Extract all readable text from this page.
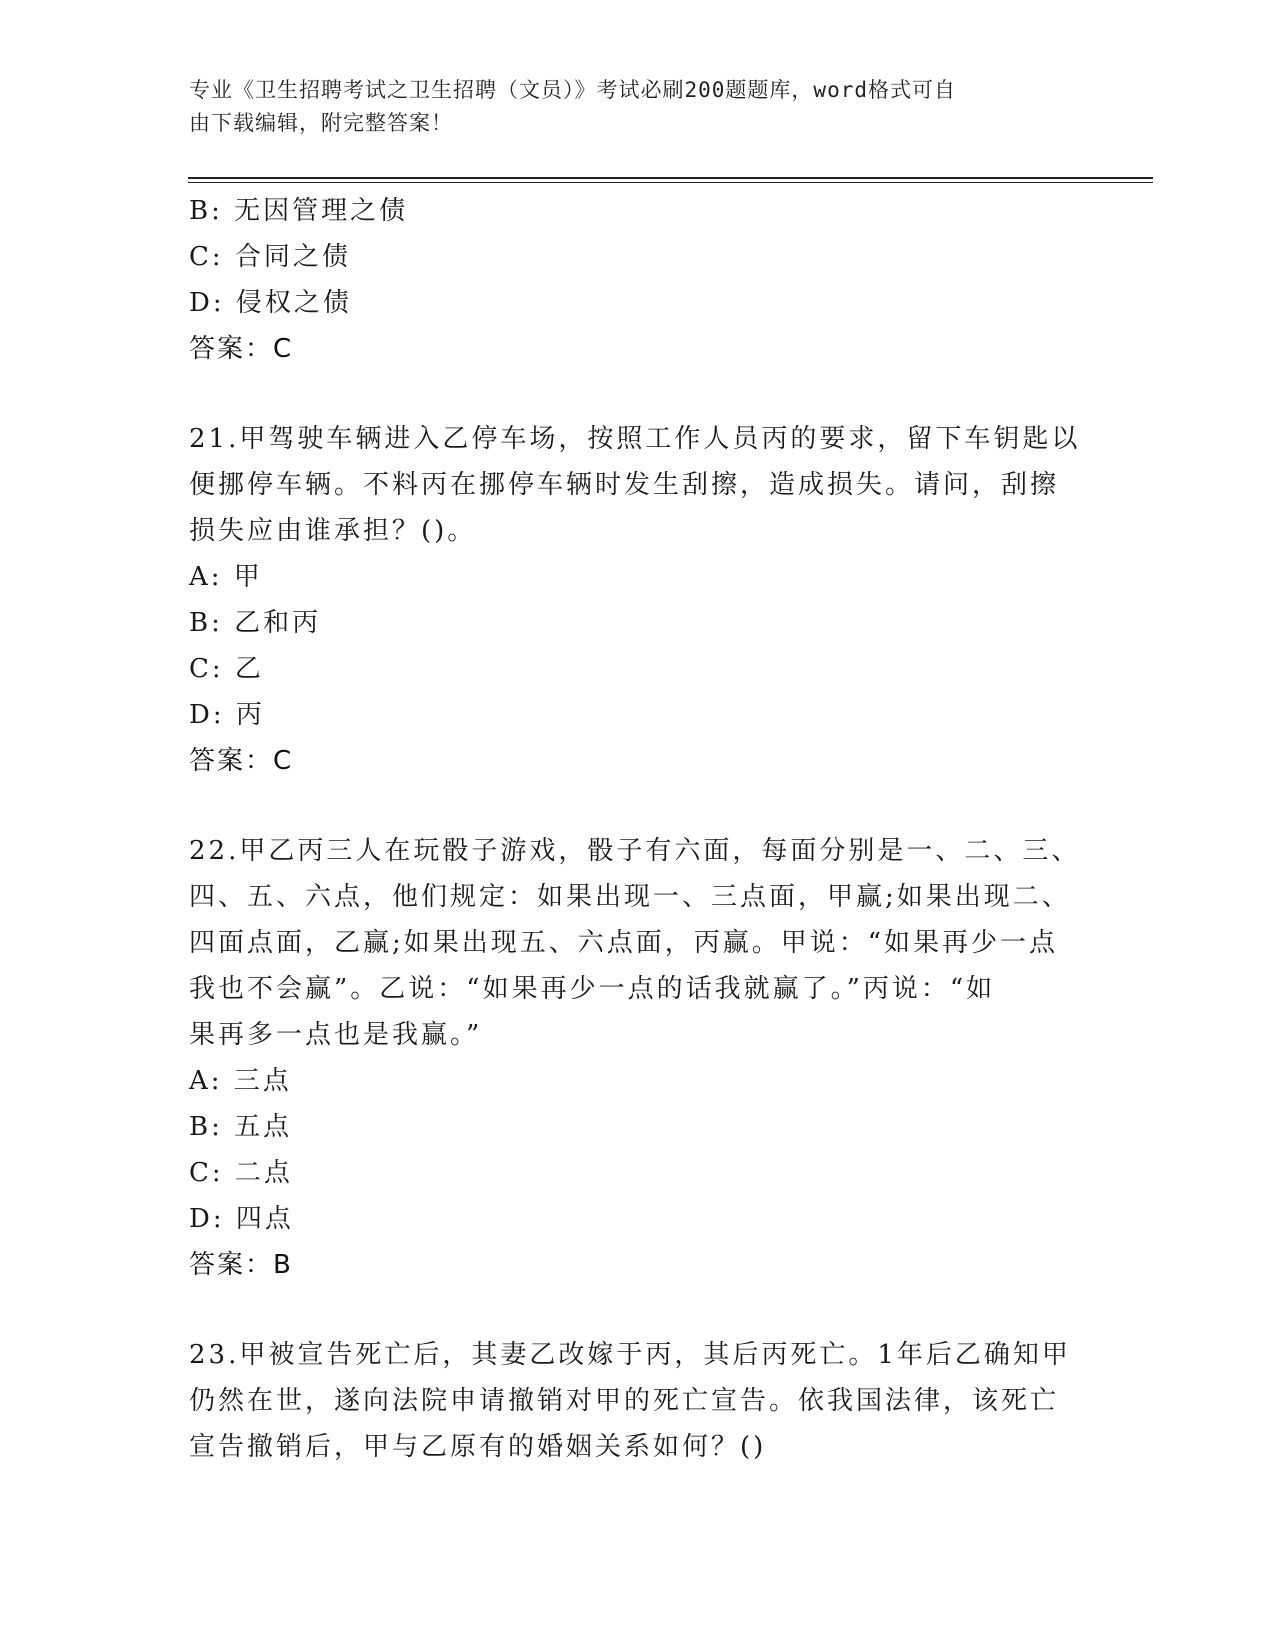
专业《卫生招聘考试之卫生招聘（文员）》考试必刷200题题库，word格式可自
由下载编辑，附完整答案！
B: 无因管理之债
C: 合同之债
D: 侵权之债
答案：C
21.甲驾驶车辆进入乙停车场，按照工作人员丙的要求，留下车钥匙以
便挪停车辆。不料丙在挪停车辆时发生刮擦，造成损失。请问，刮擦
损失应由谁承担？()。
A: 甲
B: 乙和丙
C: 乙
D: 丙
答案：C
22.甲乙丙三人在玩骰子游戏，骰子有六面，每面分别是一、二、三、
四、五、六点，他们规定：如果出现一、三点面，甲赢;如果出现二、
四面点面，乙赢;如果出现五、六点面，丙赢。甲说：“如果再少一点
我也不会赢”。乙说：“如果再少一点的话我就赢了。”丙说：“如
果再多一点也是我赢。”
A: 三点
B: 五点
C: 二点
D: 四点
答案：B
23.甲被宣告死亡后，其妻乙改嫁于丙，其后丙死亡。1年后乙确知甲
仍然在世，遂向法院申请撤销对甲的死亡宣告。依我国法律，该死亡
宣告撤销后，甲与乙原有的婚姻关系如何？()
